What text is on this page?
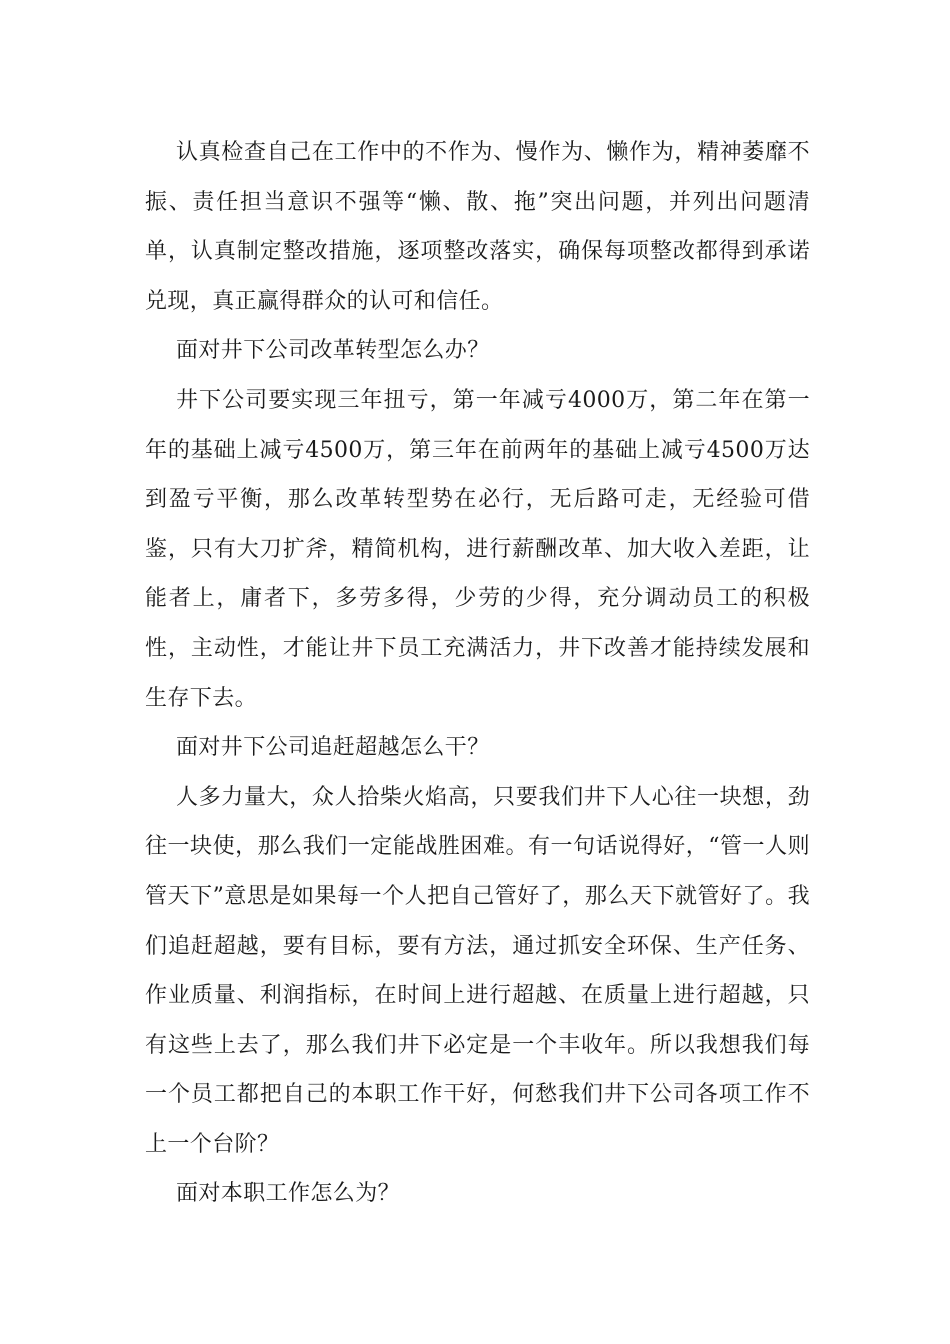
认真检查自己在工作中的不作为、慢作为、懒作为，精神萎靡不振、责任担当意识不强等“懒、散、拖”突出问题，并列出问题清单，认真制定整改措施，逐项整改落实，确保每项整改都得到承诺兑现，真正赢得群众的认可和信任。

面对井下公司改革转型怎么办？

井下公司要实现三年扭亏，第一年减亏4000万，第二年在第一年的基础上减亏4500万，第三年在前两年的基础上减亏4500万达到盈亏平衡，那么改革转型势在必行，无后路可走，无经验可借鉴，只有大刀扩斧，精简机构，进行薪酬改革、加大收入差距，让能者上，庸者下，多劳多得，少劳的少得，充分调动员工的积极性，主动性，才能让井下员工充满活力，井下改善才能持续发展和生存下去。

面对井下公司追赶超越怎么干？

人多力量大，众人拾柴火焰高，只要我们井下人心往一块想，劲往一块使，那么我们一定能战胜困难。有一句话说得好，“管一人则管天下”意思是如果每一个人把自己管好了，那么天下就管好了。我们追赶超越，要有目标，要有方法，通过抓安全环保、生产任务、作业质量、利润指标，在时间上进行超越、在质量上进行超越，只有这些上去了，那么我们井下必定是一个丰收年。所以我想我们每一个员工都把自己的本职工作干好，何愁我们井下公司各项工作不上一个台阶？

面对本职工作怎么为？
